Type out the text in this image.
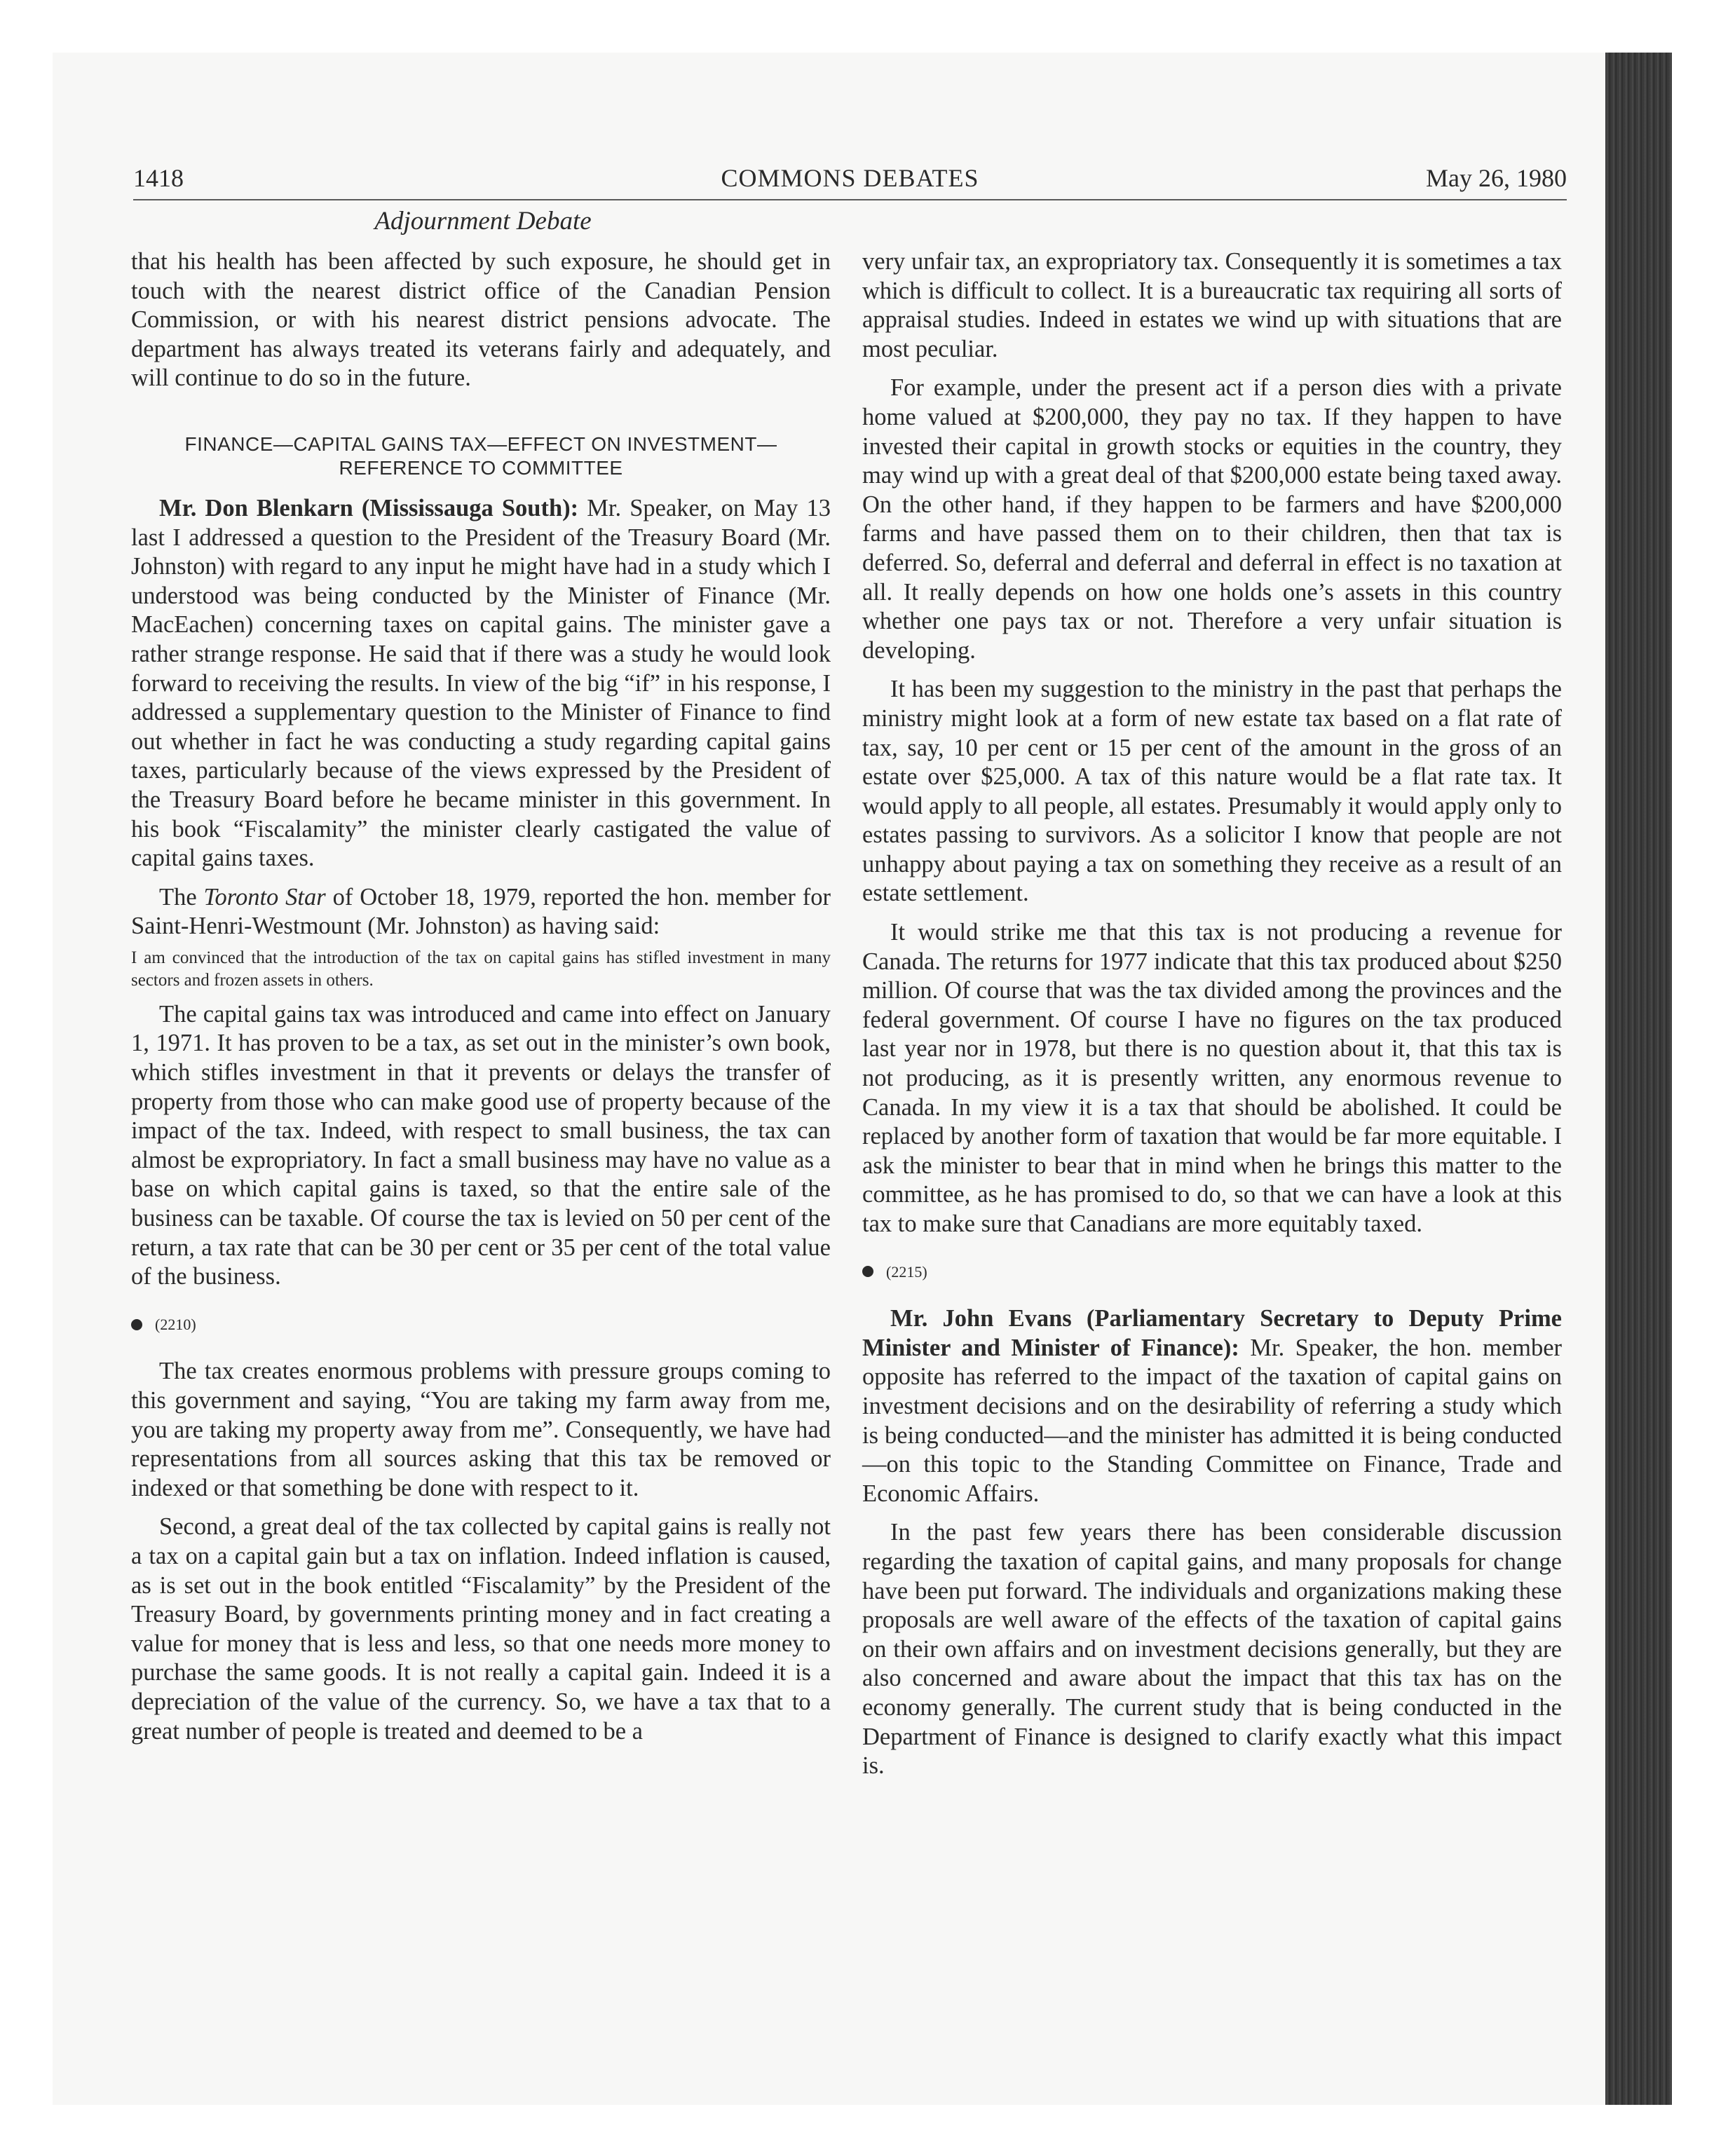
1418	COMMONS DEBATES	May 26, 1980
Adjournment Debate

that his health has been affected by such exposure, he should get in touch with the nearest district office of the Canadian Pension Commission, or with his nearest district pensions advocate. The department has always treated its veterans fairly and adequately, and will continue to do so in the future.

FINANCE—CAPITAL GAINS TAX—EFFECT ON INVESTMENT—
REFERENCE TO COMMITTEE

Mr. Don Blenkarn (Mississauga South): Mr. Speaker, on May 13 last I addressed a question to the President of the Treasury Board (Mr. Johnston) with regard to any input he might have had in a study which I understood was being conducted by the Minister of Finance (Mr. MacEachen) concerning taxes on capital gains. The minister gave a rather strange response. He said that if there was a study he would look forward to receiving the results. In view of the big “if” in his response, I addressed a supplementary question to the Minister of Finance to find out whether in fact he was conducting a study regarding capital gains taxes, particularly because of the views expressed by the President of the Treasury Board before he became minister in this government. In his book “Fiscalamity” the minister clearly castigated the value of capital gains taxes.

The Toronto Star of October 18, 1979, reported the hon. member for Saint-Henri-Westmount (Mr. Johnston) as having said:

I am convinced that the introduction of the tax on capital gains has stifled investment in many sectors and frozen assets in others.

The capital gains tax was introduced and came into effect on January 1, 1971. It has proven to be a tax, as set out in the minister’s own book, which stifles investment in that it prevents or delays the transfer of property from those who can make good use of property because of the impact of the tax. Indeed, with respect to small business, the tax can almost be expropriatory. In fact a small business may have no value as a base on which capital gains is taxed, so that the entire sale of the business can be taxable. Of course the tax is levied on 50 per cent of the return, a tax rate that can be 30 per cent or 35 per cent of the total value of the business.

(2210)

The tax creates enormous problems with pressure groups coming to this government and saying, “You are taking my farm away from me, you are taking my property away from me”. Consequently, we have had representations from all sources asking that this tax be removed or indexed or that something be done with respect to it.

Second, a great deal of the tax collected by capital gains is really not a tax on a capital gain but a tax on inflation. Indeed inflation is caused, as is set out in the book entitled “Fiscalamity” by the President of the Treasury Board, by governments printing money and in fact creating a value for money that is less and less, so that one needs more money to purchase the same goods. It is not really a capital gain. Indeed it is a depreciation of the value of the currency. So, we have a tax that to a great number of people is treated and deemed to be a

very unfair tax, an expropriatory tax. Consequently it is sometimes a tax which is difficult to collect. It is a bureaucratic tax requiring all sorts of appraisal studies. Indeed in estates we wind up with situations that are most peculiar.

For example, under the present act if a person dies with a private home valued at $200,000, they pay no tax. If they happen to have invested their capital in growth stocks or equities in the country, they may wind up with a great deal of that $200,000 estate being taxed away. On the other hand, if they happen to be farmers and have $200,000 farms and have passed them on to their children, then that tax is deferred. So, deferral and deferral and deferral in effect is no taxation at all. It really depends on how one holds one’s assets in this country whether one pays tax or not. Therefore a very unfair situation is developing.

It has been my suggestion to the ministry in the past that perhaps the ministry might look at a form of new estate tax based on a flat rate of tax, say, 10 per cent or 15 per cent of the amount in the gross of an estate over $25,000. A tax of this nature would be a flat rate tax. It would apply to all people, all estates. Presumably it would apply only to estates passing to survivors. As a solicitor I know that people are not unhappy about paying a tax on something they receive as a result of an estate settlement.

It would strike me that this tax is not producing a revenue for Canada. The returns for 1977 indicate that this tax produced about $250 million. Of course that was the tax divided among the provinces and the federal government. Of course I have no figures on the tax produced last year nor in 1978, but there is no question about it, that this tax is not producing, as it is presently written, any enormous revenue to Canada. In my view it is a tax that should be abolished. It could be replaced by another form of taxation that would be far more equitable. I ask the minister to bear that in mind when he brings this matter to the committee, as he has promised to do, so that we can have a look at this tax to make sure that Canadians are more equitably taxed.

(2215)

Mr. John Evans (Parliamentary Secretary to Deputy Prime Minister and Minister of Finance): Mr. Speaker, the hon. member opposite has referred to the impact of the taxation of capital gains on investment decisions and on the desirability of referring a study which is being conducted—and the minister has admitted it is being conducted—on this topic to the Standing Committee on Finance, Trade and Economic Affairs.

In the past few years there has been considerable discussion regarding the taxation of capital gains, and many proposals for change have been put forward. The individuals and organizations making these proposals are well aware of the effects of the taxation of capital gains on their own affairs and on investment decisions generally, but they are also concerned and aware about the impact that this tax has on the economy generally. The current study that is being conducted in the Department of Finance is designed to clarify exactly what this impact is.
